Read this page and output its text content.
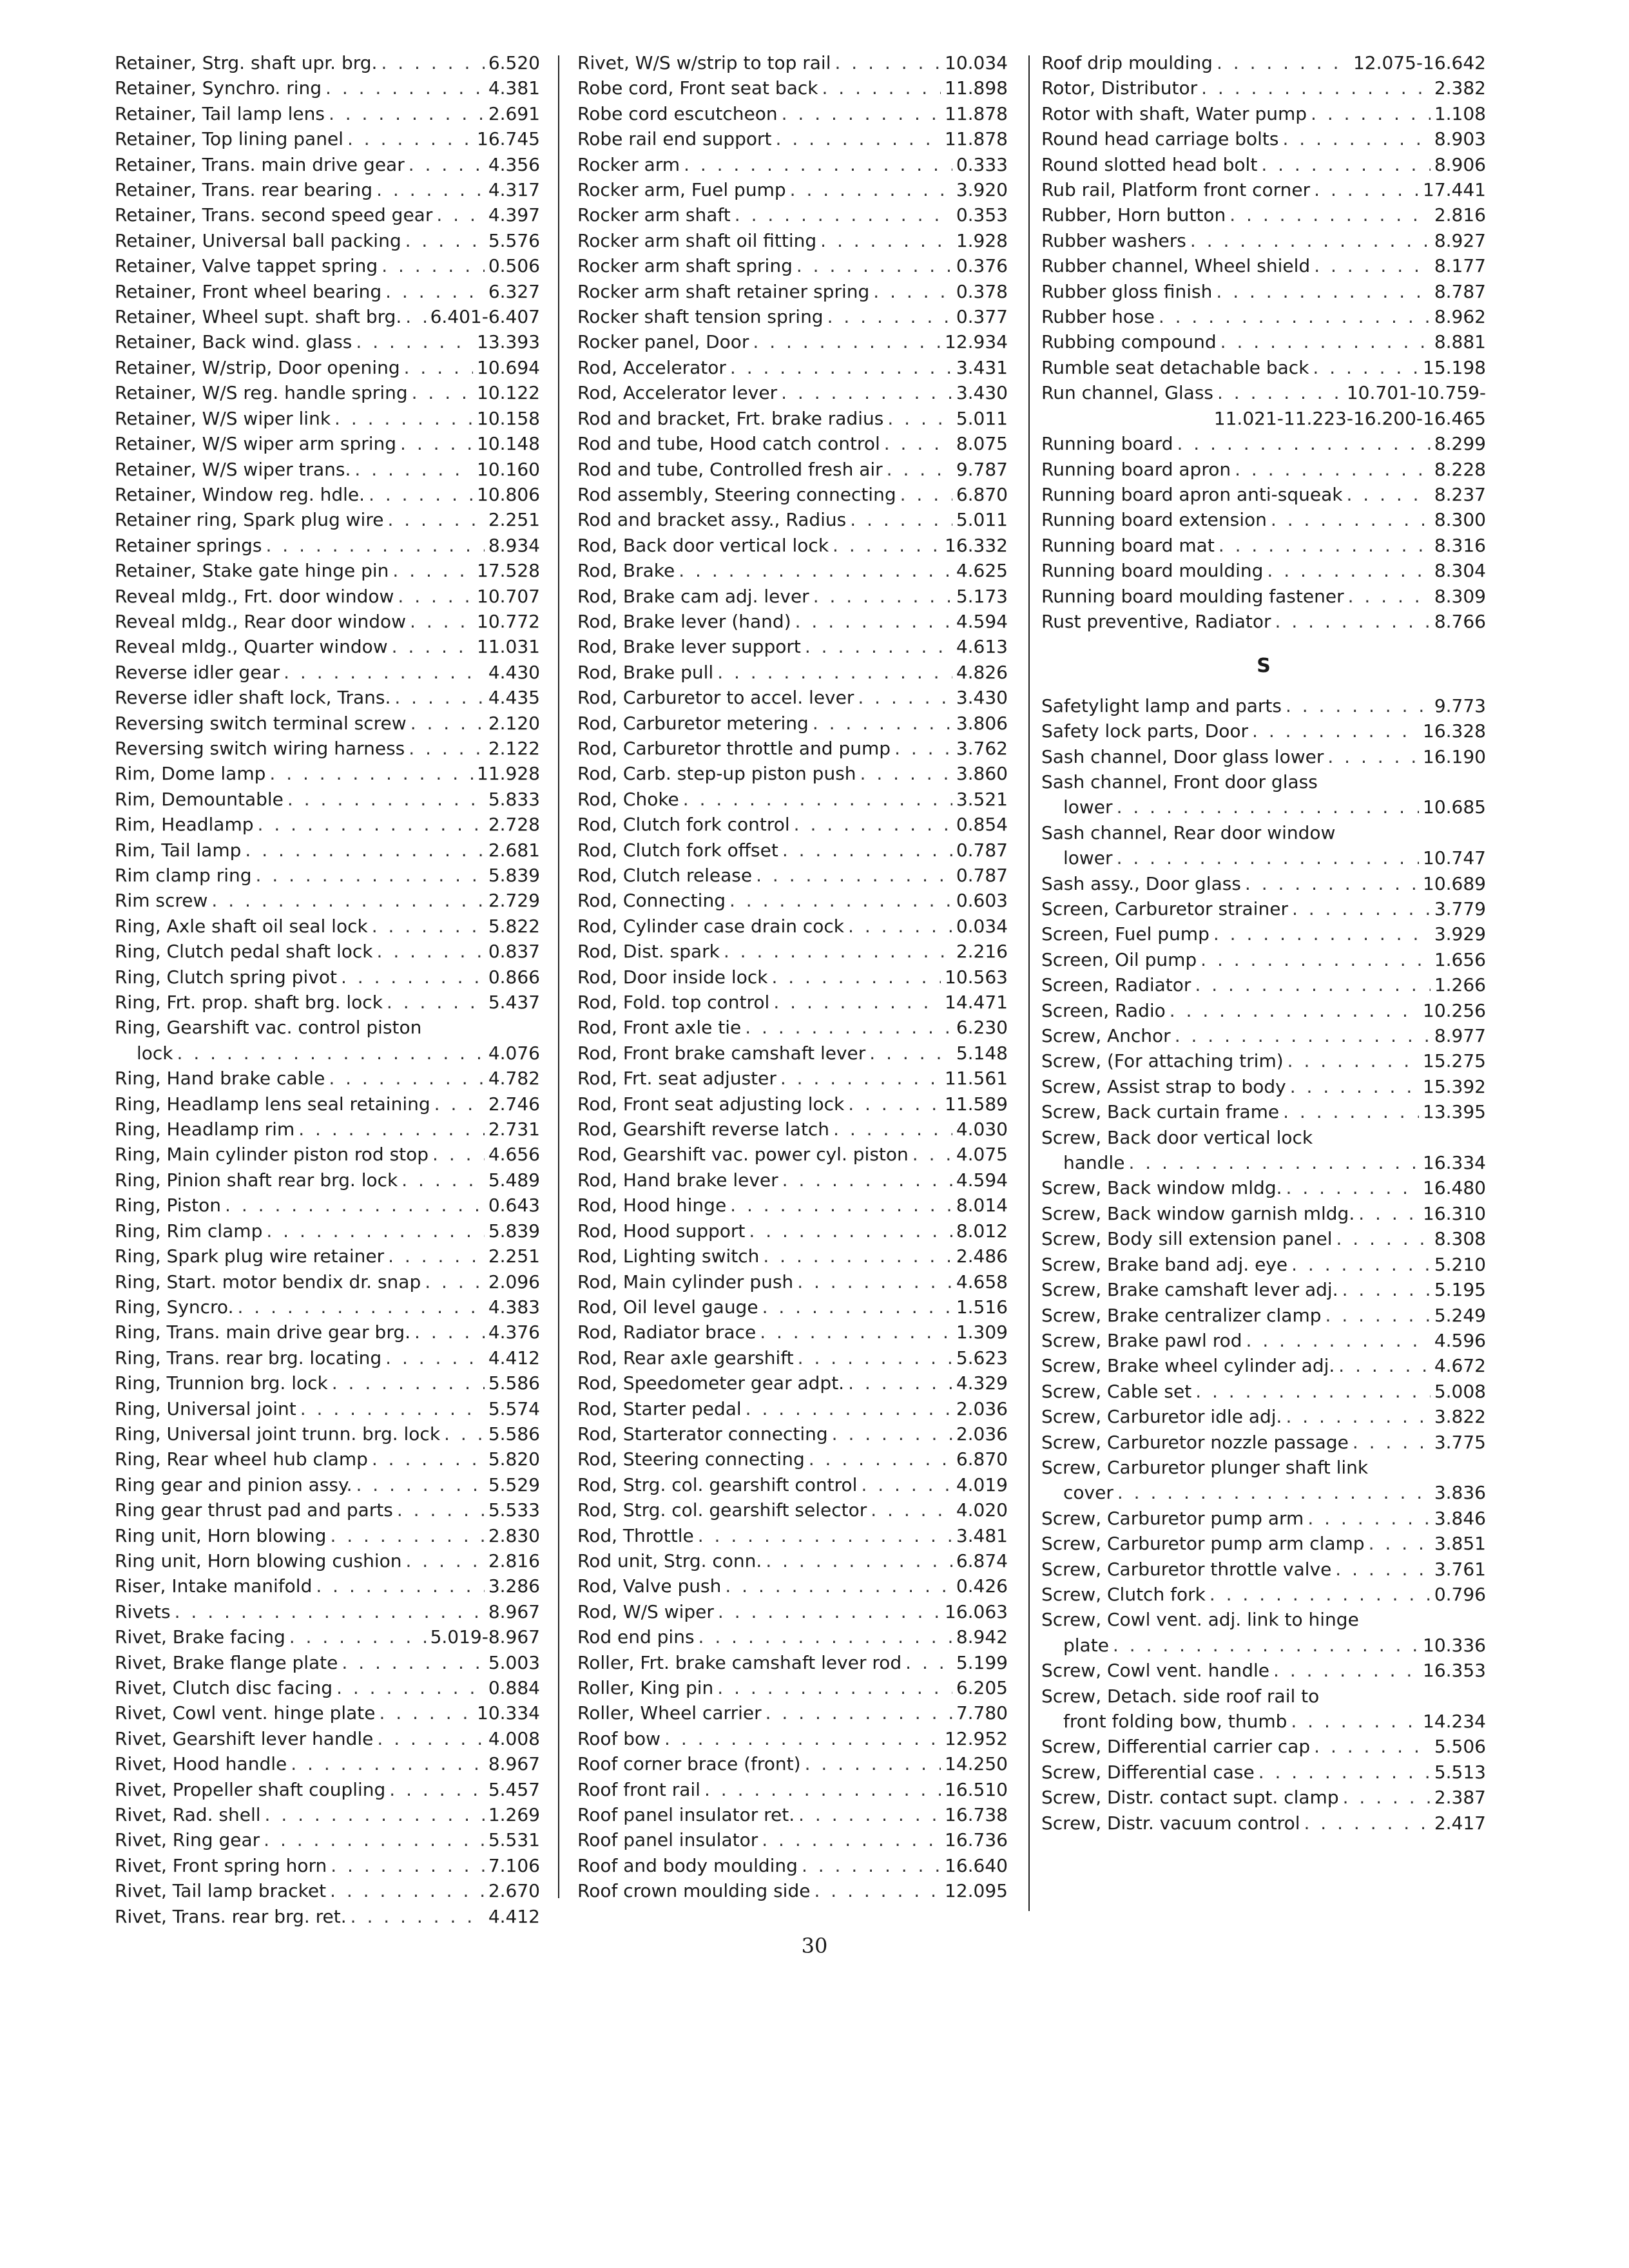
Retainer, Strg. shaft upr. brg. . . .	6.520
Retainer, Synchro. ring . . .	4.381
Retainer, Tail lamp lens . . .	2.691
Retainer, Top lining panel . . .	16.745
Retainer, Trans. main drive gear . . .	4.356
Retainer, Trans. rear bearing . . .	4.317
Retainer, Trans. second speed gear . . .	4.397
Retainer, Universal ball packing . . .	5.576
Retainer, Valve tappet spring . . .	0.506
Retainer, Front wheel bearing . . .	6.327
Retainer, Wheel supt. shaft brg. . . . 6.401-6.407
Retainer, Back wind. glass . . .	13.393
Retainer, W/strip, Door opening . . .	10.694
Retainer, W/S reg. handle spring . . .	10.122
Retainer, W/S wiper link . . .	10.158
Retainer, W/S wiper arm spring . . .	10.148
Retainer, W/S wiper trans. . . .	10.160
Retainer, Window reg. hdle. . . .	10.806
Retainer ring, Spark plug wire . . .	2.251
Retainer springs . . .	8.934
Retainer, Stake gate hinge pin . . .	17.528
Reveal mldg., Frt. door window . . .	10.707
Reveal mldg., Rear door window . . .	10.772
Reveal mldg., Quarter window . . .	11.031
Reverse idler gear . . .	4.430
Reverse idler shaft lock, Trans. . . .	4.435
Reversing switch terminal screw . . .	2.120
Reversing switch wiring harness . . .	2.122
Rim, Dome lamp . . .	11.928
Rim, Demountable . . .	5.833
Rim, Headlamp . . .	2.728
Rim, Tail lamp . . .	2.681
Rim clamp ring . . .	5.839
Rim screw . . .	2.729
Ring, Axle shaft oil seal lock . . .	5.822
Ring, Clutch pedal shaft lock . . .	0.837
Ring, Clutch spring pivot . . .	0.866
Ring, Frt. prop. shaft brg. lock . . .	5.437
Ring, Gearshift vac. control piston
lock . . .	4.076
Ring, Hand brake cable . . .	4.782
Ring, Headlamp lens seal retaining . . .	2.746
Ring, Headlamp rim . . .	2.731
Ring, Main cylinder piston rod stop . . .	4.656
Ring, Pinion shaft rear brg. lock . . .	5.489
Ring, Piston . . .	0.643
Ring, Rim clamp . . .	5.839
Ring, Spark plug wire retainer . . .	2.251
Ring, Start. motor bendix dr. snap . . .	2.096
Ring, Syncro. . . .	4.383
Ring, Trans. main drive gear brg. . . .	4.376
Ring, Trans. rear brg. locating . . .	4.412
Ring, Trunnion brg. lock . . .	5.586
Ring, Universal joint . . .	5.574
Ring, Universal joint trunn. brg. lock . . .	5.586
Ring, Rear wheel hub clamp . . .	5.820
Ring gear and pinion assy. . . .	5.529
Ring gear thrust pad and parts . . .	5.533
Ring unit, Horn blowing . . .	2.830
Ring unit, Horn blowing cushion . . .	2.816
Riser, Intake manifold . . .	3.286
Rivets . . .	8.967
Rivet, Brake facing . . .	5.019-8.967
Rivet, Brake flange plate . . .	5.003
Rivet, Clutch disc facing . . .	0.884
Rivet, Cowl vent. hinge plate . . .	10.334
Rivet, Gearshift lever handle . . .	4.008
Rivet, Hood handle . . .	8.967
Rivet, Propeller shaft coupling . . .	5.457
Rivet, Rad. shell . . .	1.269
Rivet, Ring gear . . .	5.531
Rivet, Front spring horn . . .	7.106
Rivet, Tail lamp bracket . . .	2.670
Rivet, Trans. rear brg. ret. . . .	4.412
Rivet, W/S w/strip to top rail . . .	10.034
Robe cord, Front seat back . . .	11.898
Robe cord escutcheon . . .	11.878
Robe rail end support . . .	11.878
Rocker arm . . .	0.333
Rocker arm, Fuel pump . . .	3.920
Rocker arm shaft . . .	0.353
Rocker arm shaft oil fitting . . .	1.928
Rocker arm shaft spring . . .	0.376
Rocker arm shaft retainer spring . . .	0.378
Rocker shaft tension spring . . .	0.377
Rocker panel, Door . . .	12.934
Rod, Accelerator . . .	3.431
Rod, Accelerator lever . . .	3.430
Rod and bracket, Frt. brake radius . . .	5.011
Rod and tube, Hood catch control . . .	8.075
Rod and tube, Controlled fresh air . . .	9.787
Rod assembly, Steering connecting . . .	6.870
Rod and bracket assy., Radius . . .	5.011
Rod, Back door vertical lock . . .	16.332
Rod, Brake . . .	4.625
Rod, Brake cam adj. lever . . .	5.173
Rod, Brake lever (hand) . . .	4.594
Rod, Brake lever support . . .	4.613
Rod, Brake pull . . .	4.826
Rod, Carburetor to accel. lever . . .	3.430
Rod, Carburetor metering . . .	3.806
Rod, Carburetor throttle and pump . . .	3.762
Rod, Carb. step-up piston push . . .	3.860
Rod, Choke . . .	3.521
Rod, Clutch fork control . . .	0.854
Rod, Clutch fork offset . . .	0.787
Rod, Clutch release . . .	0.787
Rod, Connecting . . .	0.603
Rod, Cylinder case drain cock . . .	0.034
Rod, Dist. spark . . .	2.216
Rod, Door inside lock . . .	10.563
Rod, Fold. top control . . .	14.471
Rod, Front axle tie . . .	6.230
Rod, Front brake camshaft lever . . .	5.148
Rod, Frt. seat adjuster . . .	11.561
Rod, Front seat adjusting lock . . .	11.589
Rod, Gearshift reverse latch . . .	4.030
Rod, Gearshift vac. power cyl. piston . . .	4.075
Rod, Hand brake lever . . .	4.594
Rod, Hood hinge . . .	8.014
Rod, Hood support . . .	8.012
Rod, Lighting switch . . .	2.486
Rod, Main cylinder push . . .	4.658
Rod, Oil level gauge . . .	1.516
Rod, Radiator brace . . .	1.309
Rod, Rear axle gearshift . . .	5.623
Rod, Speedometer gear adpt. . . .	4.329
Rod, Starter pedal . . .	2.036
Rod, Starterator connecting . . .	2.036
Rod, Steering connecting . . .	6.870
Rod, Strg. col. gearshift control . . .	4.019
Rod, Strg. col. gearshift selector . . .	4.020
Rod, Throttle . . .	3.481
Rod unit, Strg. conn. . . .	6.874
Rod, Valve push . . .	0.426
Rod, W/S wiper . . .	16.063
Rod end pins . . .	8.942
Roller, Frt. brake camshaft lever rod . . .	5.199
Roller, King pin . . .	6.205
Roller, Wheel carrier . . .	7.780
Roof bow . . .	12.952
Roof corner brace (front) . . .	14.250
Roof front rail . . .	16.510
Roof panel insulator ret. . . .	16.738
Roof panel insulator . . .	16.736
Roof and body moulding . . .	16.640
Roof crown moulding side . . .	12.095
Roof drip moulding . . .	12.075-16.642
Rotor, Distributor . . .	2.382
Rotor with shaft, Water pump . . .	1.108
Round head carriage bolts . . .	8.903
Round slotted head bolt . . .	8.906
Rub rail, Platform front corner . . .	17.441
Rubber, Horn button . . .	2.816
Rubber washers . . .	8.927
Rubber channel, Wheel shield . . .	8.177
Rubber gloss finish . . .	8.787
Rubber hose . . .	8.962
Rubbing compound . . .	8.881
Rumble seat detachable back . . .	15.198
Run channel, Glass . . .	10.701-10.759-
11.021-11.223-16.200-16.465
Running board . . .	8.299
Running board apron . . .	8.228
Running board apron anti-squeak . . .	8.237
Running board extension . . .	8.300
Running board mat . . .	8.316
Running board moulding . . .	8.304
Running board moulding fastener . . .	8.309
Rust preventive, Radiator . . .	8.766
S
Safetylight lamp and parts . . .	9.773
Safety lock parts, Door . . .	16.328
Sash channel, Door glass lower . . .	16.190
Sash channel, Front door glass
lower . . .	10.685
Sash channel, Rear door window
lower . . .	10.747
Sash assy., Door glass . . .	10.689
Screen, Carburetor strainer . . .	3.779
Screen, Fuel pump . . .	3.929
Screen, Oil pump . . .	1.656
Screen, Radiator . . .	1.266
Screen, Radio . . .	10.256
Screw, Anchor . . .	8.977
Screw, (For attaching trim) . . .	15.275
Screw, Assist strap to body . . .	15.392
Screw, Back curtain frame . . .	13.395
Screw, Back door vertical lock
handle . . .	16.334
Screw, Back window mldg. . . .	16.480
Screw, Back window garnish mldg. . . .	16.310
Screw, Body sill extension panel . . .	8.308
Screw, Brake band adj. eye . . .	5.210
Screw, Brake camshaft lever adj. . . .	5.195
Screw, Brake centralizer clamp . . .	5.249
Screw, Brake pawl rod . . .	4.596
Screw, Brake wheel cylinder adj. . . .	4.672
Screw, Cable set . . .	5.008
Screw, Carburetor idle adj. . . .	3.822
Screw, Carburetor nozzle passage . . .	3.775
Screw, Carburetor plunger shaft link
cover . . .	3.836
Screw, Carburetor pump arm . . .	3.846
Screw, Carburetor pump arm clamp . . .	3.851
Screw, Carburetor throttle valve . . .	3.761
Screw, Clutch fork . . .	0.796
Screw, Cowl vent. adj. link to hinge
plate . . .	10.336
Screw, Cowl vent. handle . . .	16.353
Screw, Detach. side roof rail to
front folding bow, thumb . . .	14.234
Screw, Differential carrier cap . . .	5.506
Screw, Differential case . . .	5.513
Screw, Distr. contact supt. clamp . . .	2.387
Screw, Distr. vacuum control . . .	2.417
30
